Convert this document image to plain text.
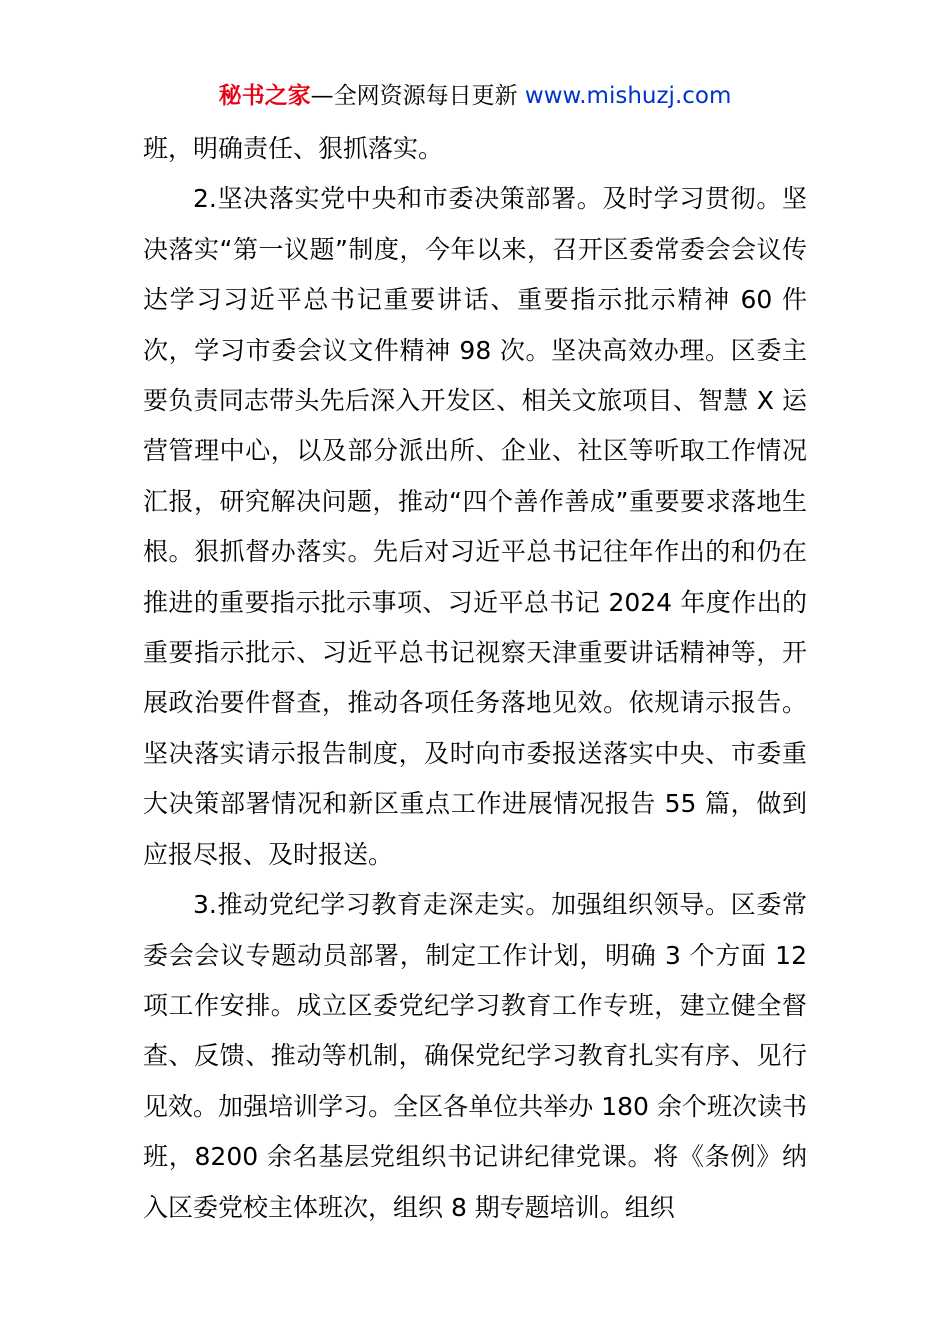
秘书之家—全网资源每日更新 www.mishuzj.com

班，明确责任、狠抓落实。

2.坚决落实党中央和市委决策部署。及时学习贯彻。坚决落实“第一议题”制度，今年以来，召开区委常委会会议传达学习习近平总书记重要讲话、重要指示批示精神 60 件次，学习市委会议文件精神 98 次。坚决高效办理。区委主要负责同志带头先后深入开发区、相关文旅项目、智慧 X 运营管理中心，以及部分派出所、企业、社区等听取工作情况汇报，研究解决问题，推动“四个善作善成”重要要求落地生根。狠抓督办落实。先后对习近平总书记往年作出的和仍在推进的重要指示批示事项、习近平总书记 2024 年度作出的重要指示批示、习近平总书记视察天津重要讲话精神等，开展政治要件督查，推动各项任务落地见效。依规请示报告。坚决落实请示报告制度，及时向市委报送落实中央、市委重大决策部署情况和新区重点工作进展情况报告 55 篇，做到应报尽报、及时报送。

3.推动党纪学习教育走深走实。加强组织领导。区委常委会会议专题动员部署，制定工作计划，明确 3 个方面 12 项工作安排。成立区委党纪学习教育工作专班，建立健全督查、反馈、推动等机制，确保党纪学习教育扎实有序、见行见效。加强培训学习。全区各单位共举办 180 余个班次读书班，8200 余名基层党组织书记讲纪律党课。将《条例》纳入区委党校主体班次，组织 8 期专题培训。组织
